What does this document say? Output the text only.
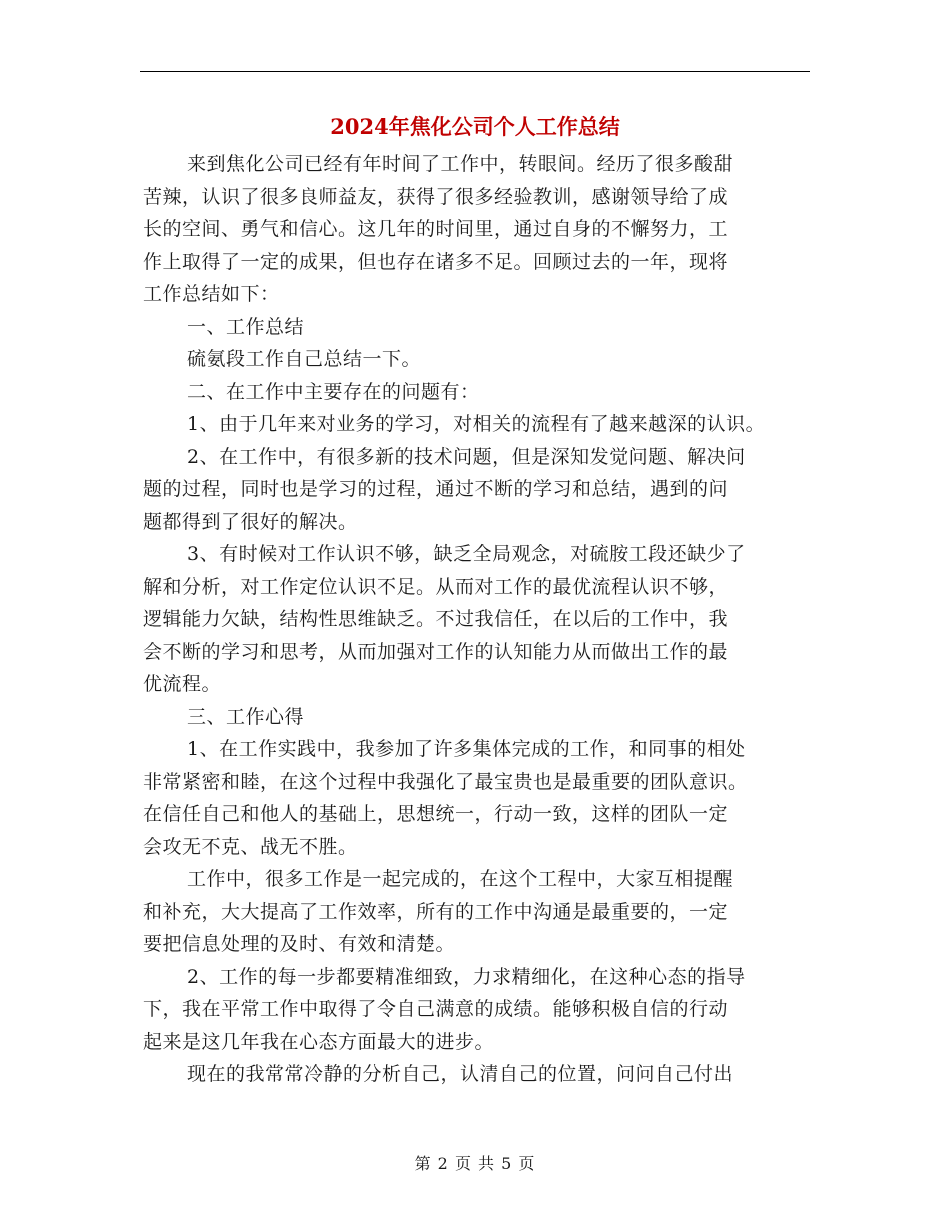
2024年焦化公司个人工作总结

来到焦化公司已经有年时间了工作中，转眼间。经历了很多酸甜
苦辣，认识了很多良师益友，获得了很多经验教训，感谢领导给了成
长的空间、勇气和信心。这几年的时间里，通过自身的不懈努力，工
作上取得了一定的成果，但也存在诸多不足。回顾过去的一年，现将
工作总结如下：

一、工作总结

硫氨段工作自己总结一下。

二、在工作中主要存在的问题有：

1、由于几年来对业务的学习，对相关的流程有了越来越深的认识。

2、在工作中，有很多新的技术问题，但是深知发觉问题、解决问
题的过程，同时也是学习的过程，通过不断的学习和总结，遇到的问
题都得到了很好的解决。

3、有时候对工作认识不够，缺乏全局观念，对硫胺工段还缺少了
解和分析，对工作定位认识不足。从而对工作的最优流程认识不够，
逻辑能力欠缺，结构性思维缺乏。不过我信任，在以后的工作中，我
会不断的学习和思考，从而加强对工作的认知能力从而做出工作的最
优流程。

三、工作心得

1、在工作实践中，我参加了许多集体完成的工作，和同事的相处
非常紧密和睦，在这个过程中我强化了最宝贵也是最重要的团队意识。
在信任自己和他人的基础上，思想统一，行动一致，这样的团队一定
会攻无不克、战无不胜。

工作中，很多工作是一起完成的，在这个工程中，大家互相提醒
和补充，大大提高了工作效率，所有的工作中沟通是最重要的，一定
要把信息处理的及时、有效和清楚。

2、工作的每一步都要精准细致，力求精细化，在这种心态的指导
下，我在平常工作中取得了令自己满意的成绩。能够积极自信的行动
起来是这几年我在心态方面最大的进步。

现在的我常常冷静的分析自己，认清自己的位置，问问自己付出

第 2 页 共 5 页
